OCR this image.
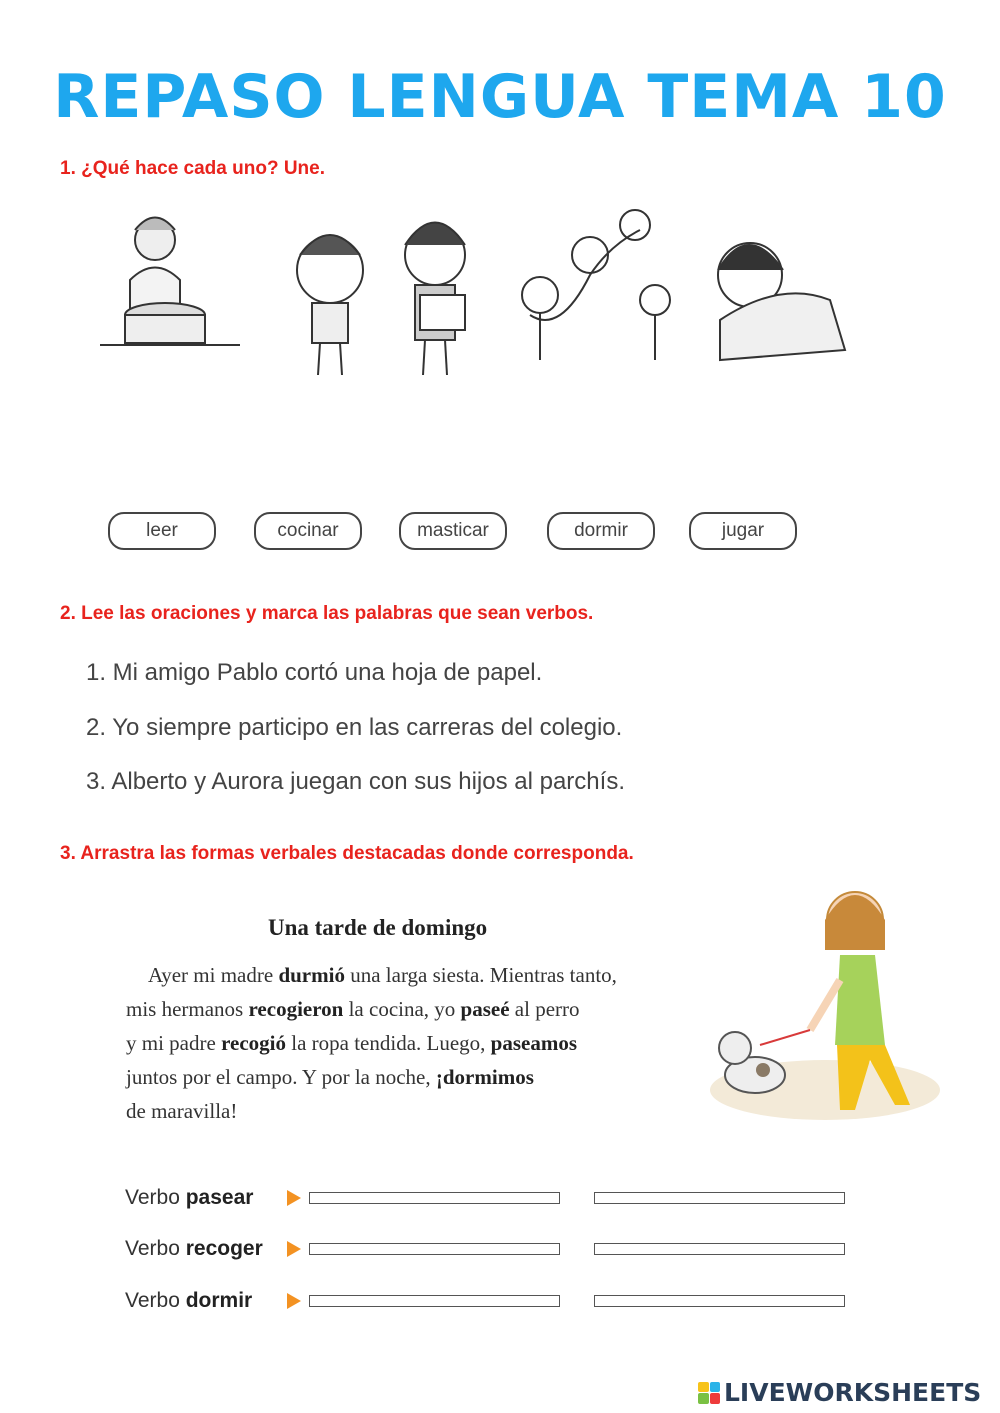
REPASO LENGUA TEMA 10
1. ¿Qué hace cada uno? Une.
leer	cocinar	masticar	dormir	jugar
2. Lee las oraciones y marca las palabras que sean verbos.
1. Mi amigo Pablo cortó una hoja de papel.
2. Yo siempre participo en las carreras del colegio.
3. Alberto y Aurora juegan con sus hijos al parchís.
3. Arrastra las formas verbales destacadas donde corresponda.
Una tarde de domingo
Ayer mi madre durmió una larga siesta. Mientras tanto,
mis hermanos recogieron la cocina, yo paseé al perro
y mi padre recogió la ropa tendida. Luego, paseamos
juntos por el campo. Y por la noche, ¡dormimos
de maravilla!
Verbo pasear
Verbo recoger
Verbo dormir
LIVEWORKSHEETS
